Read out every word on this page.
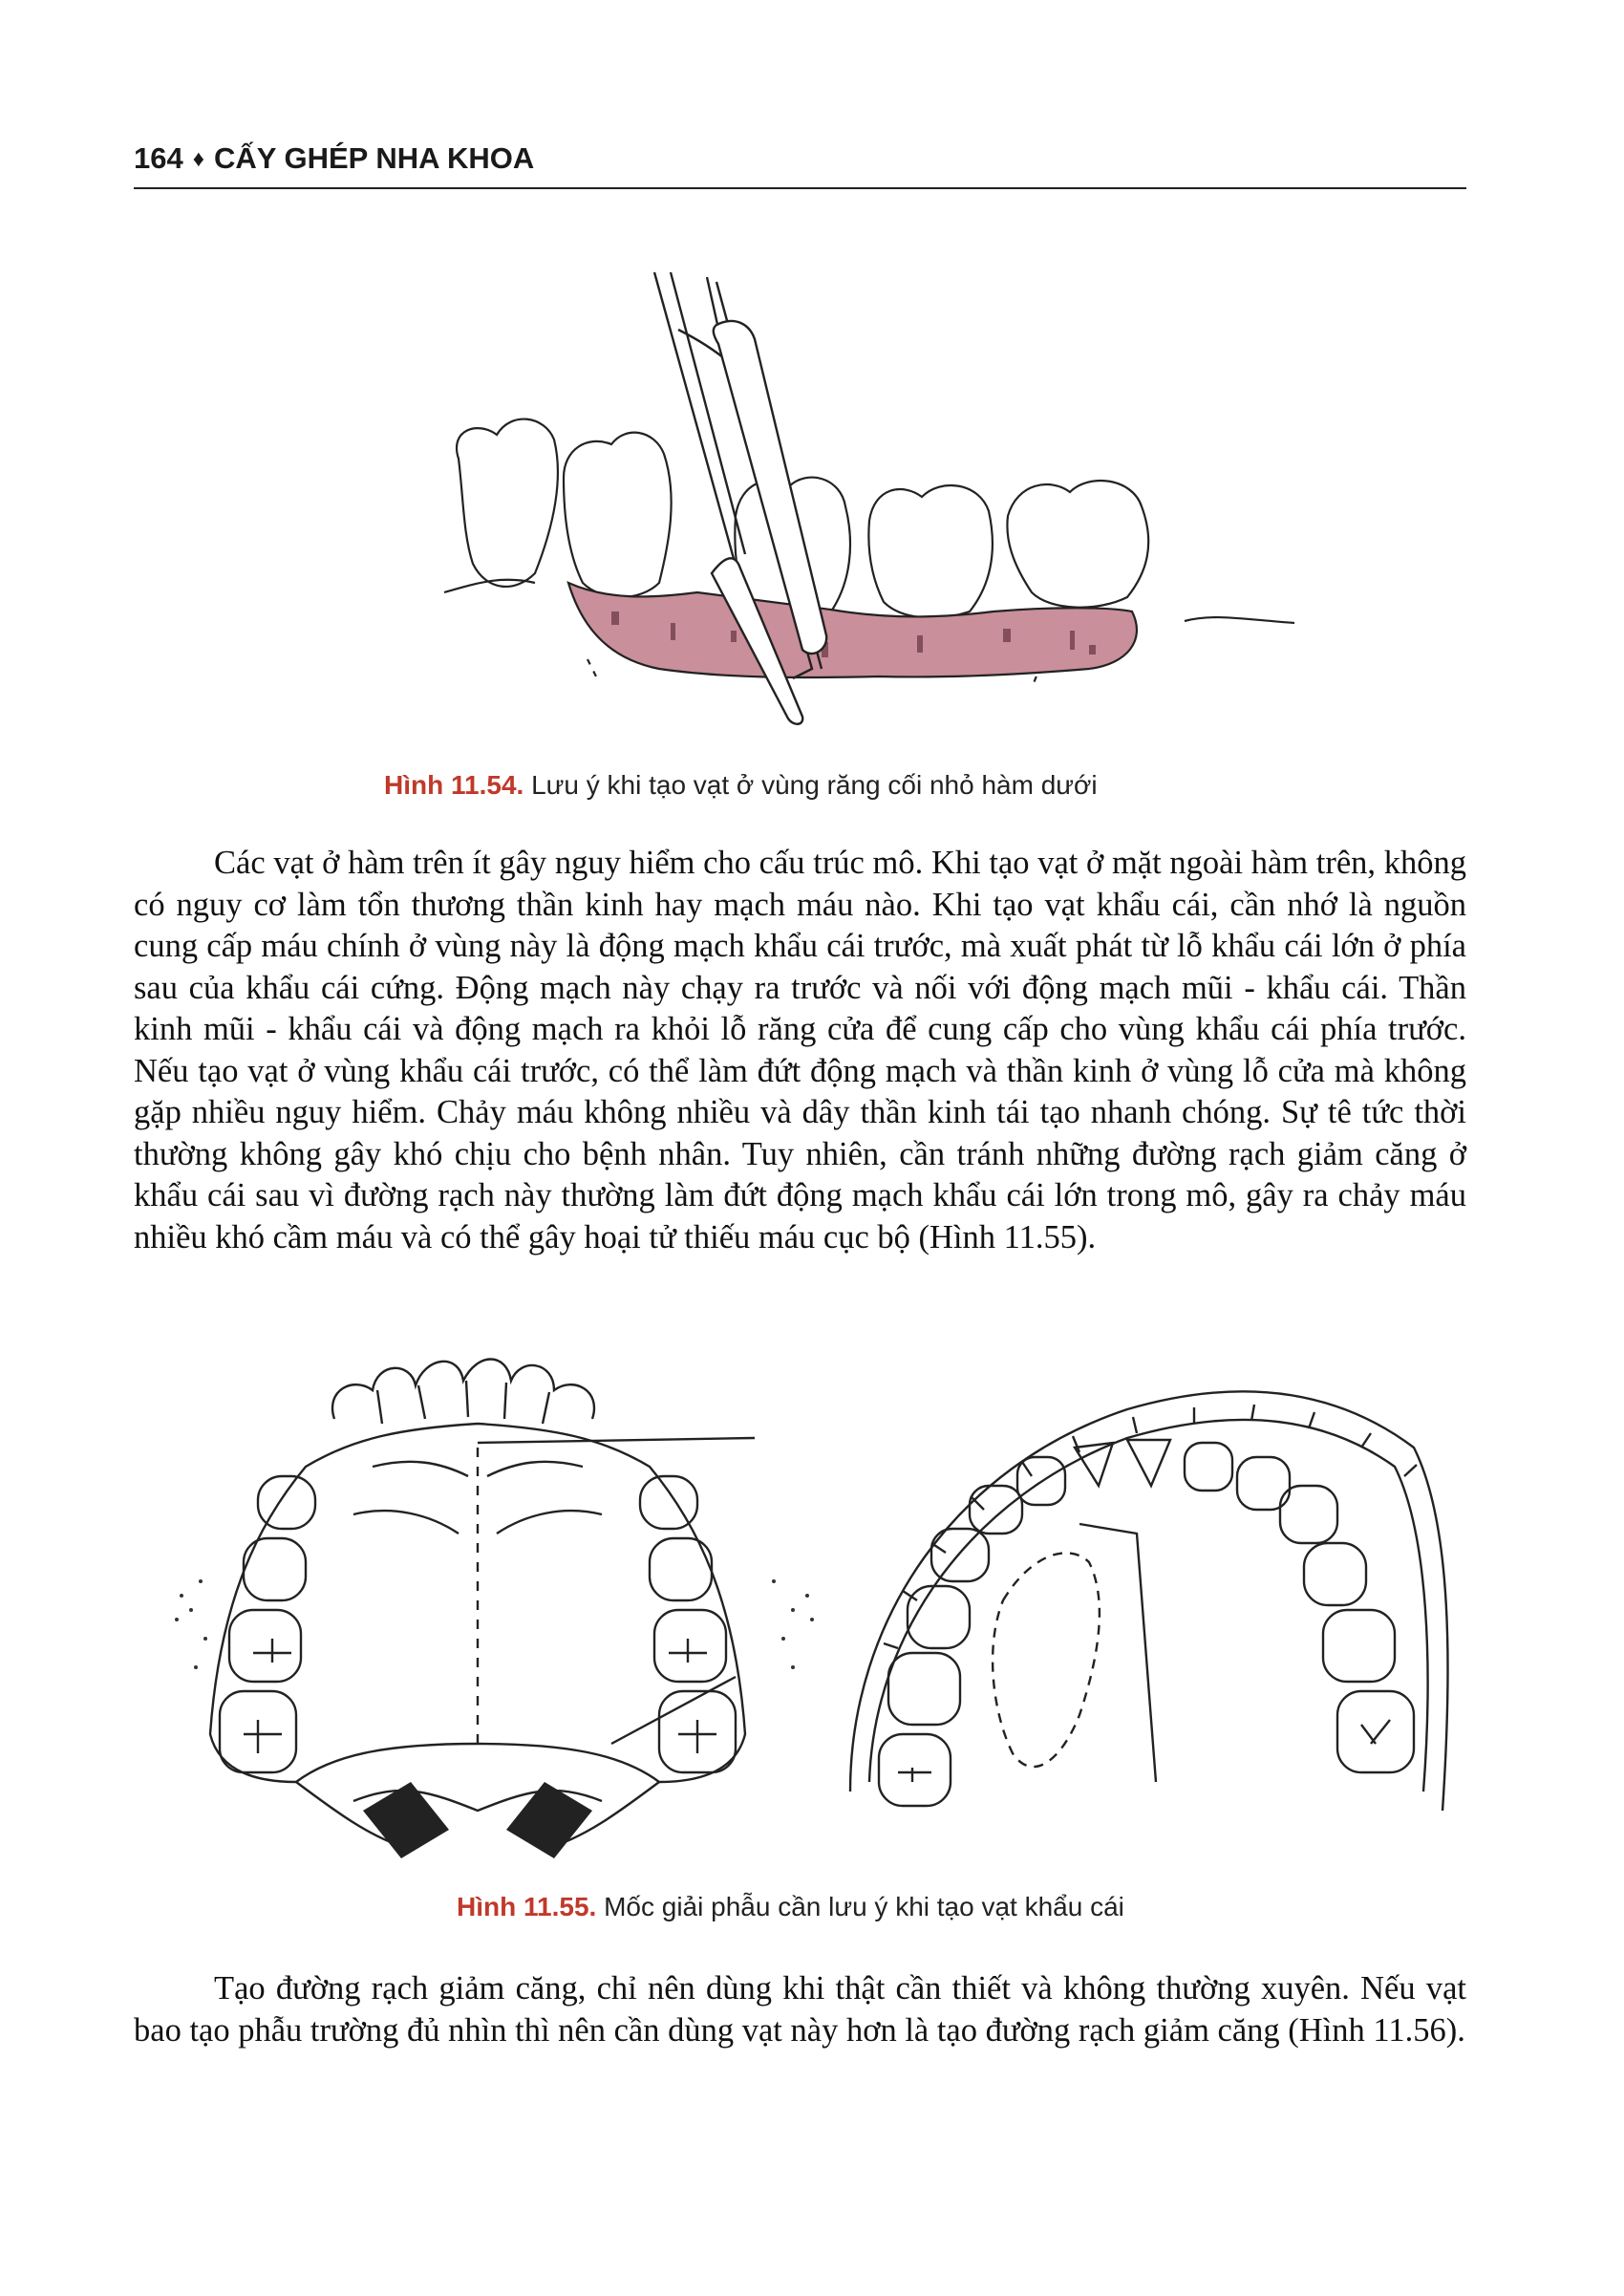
164 ♦ CẤY GHÉP NHA KHOA
Hình 11.54. Lưu ý khi tạo vạt ở vùng răng cối nhỏ hàm dưới

Các vạt ở hàm trên ít gây nguy hiểm cho cấu trúc mô. Khi tạo vạt ở mặt ngoài hàm trên, không có nguy cơ làm tổn thương thần kinh hay mạch máu nào. Khi tạo vạt khẩu cái, cần nhớ là nguồn cung cấp máu chính ở vùng này là động mạch khẩu cái trước, mà xuất phát từ lỗ khẩu cái lớn ở phía sau của khẩu cái cứng. Động mạch này chạy ra trước và nối với động mạch mũi - khẩu cái. Thần kinh mũi - khẩu cái và động mạch ra khỏi lỗ răng cửa để cung cấp cho vùng khẩu cái phía trước. Nếu tạo vạt ở vùng khẩu cái trước, có thể làm đứt động mạch và thần kinh ở vùng lỗ cửa mà không gặp nhiều nguy hiểm. Chảy máu không nhiều và dây thần kinh tái tạo nhanh chóng. Sự tê tức thời thường không gây khó chịu cho bệnh nhân. Tuy nhiên, cần tránh những đường rạch giảm căng ở khẩu cái sau vì đường rạch này thường làm đứt động mạch khẩu cái lớn trong mô, gây ra chảy máu nhiều khó cầm máu và có thể gây hoại tử thiếu máu cục bộ (Hình 11.55).

Hình 11.55. Mốc giải phẫu cần lưu ý khi tạo vạt khẩu cái

Tạo đường rạch giảm căng, chỉ nên dùng khi thật cần thiết và không thường xuyên. Nếu vạt bao tạo phẫu trường đủ nhìn thì nên cần dùng vạt này hơn là tạo đường rạch giảm căng (Hình 11.56).
